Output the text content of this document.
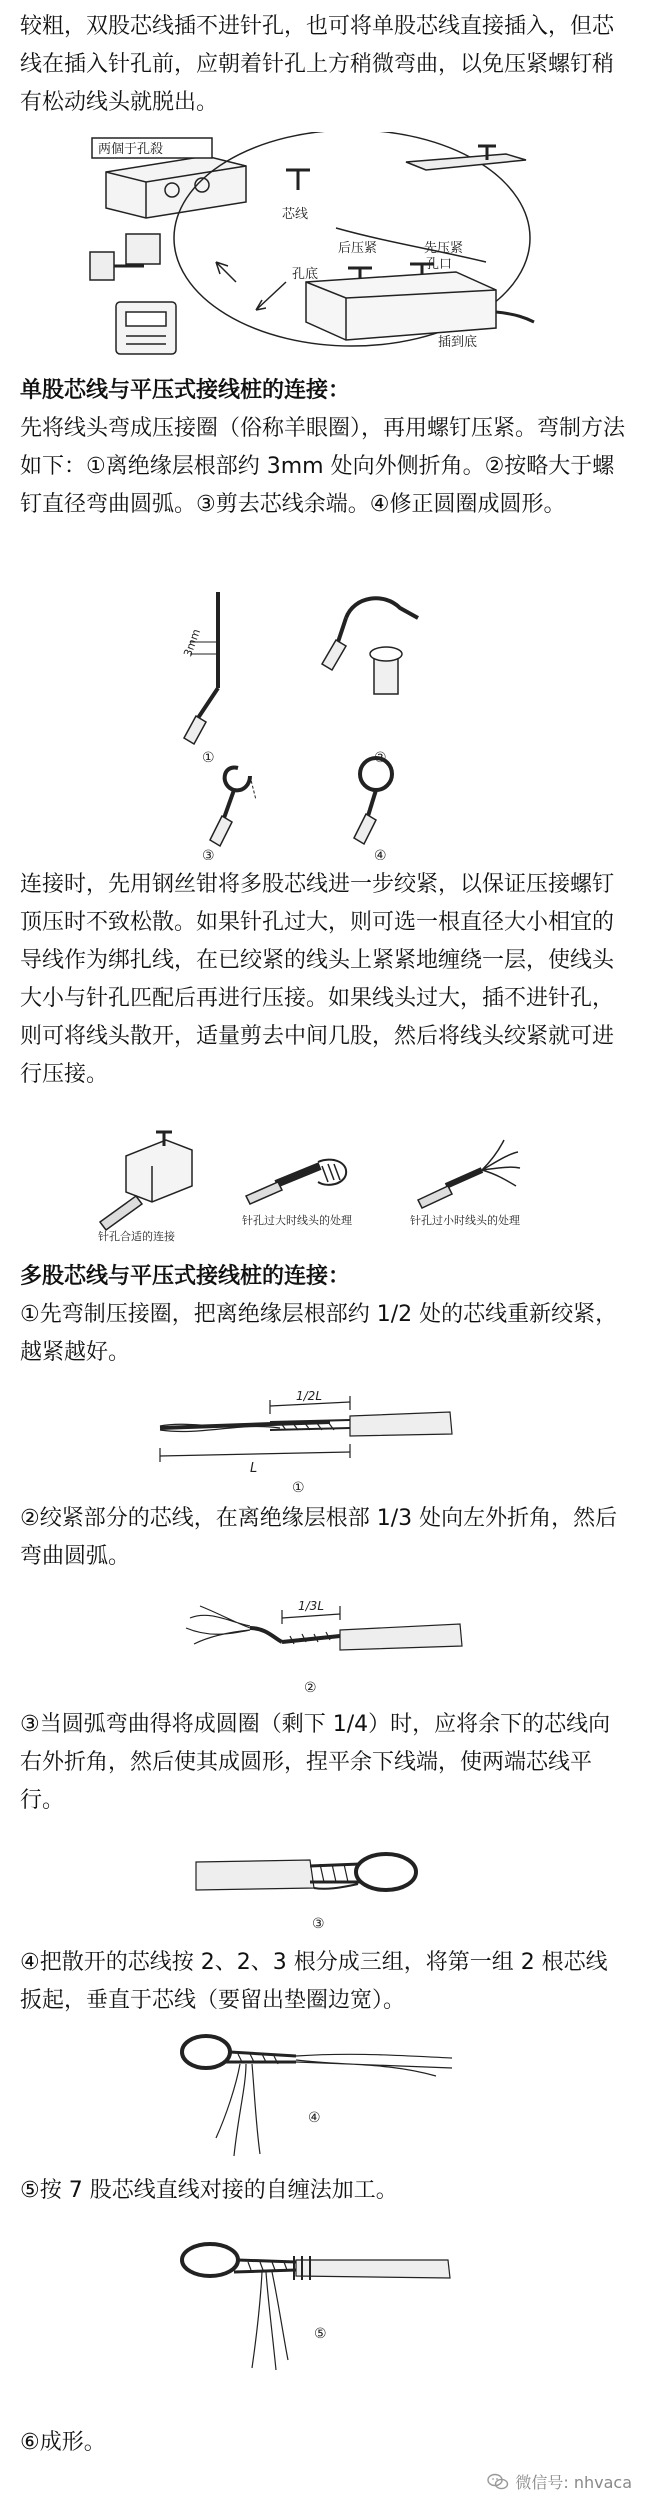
较粗，双股芯线插不进针孔，也可将单股芯线直接插入，但芯线在插入针孔前，应朝着针孔上方稍微弯曲，以免压紧螺钉稍有松动线头就脱出。

两個于孔殺
芯线
后压紧
孔底
先压紧
孔口
插到底

单股芯线与平压式接线桩的连接：

先将线头弯成压接圈（俗称羊眼圈），再用螺钉压紧。弯制方法如下：①离绝缘层根部约 3mm 处向外侧折角。②按略大于螺钉直径弯曲圆弧。③剪去芯线余端。④修正圆圈成圆形。

3mm
①	②
③	④

连接时，先用钢丝钳将多股芯线进一步绞紧，以保证压接螺钉顶压时不致松散。如果针孔过大，则可选一根直径大小相宜的导线作为绑扎线，在已绞紧的线头上紧紧地缠绕一层，使线头大小与针孔匹配后再进行压接。如果线头过大，插不进针孔，则可将线头散开，适量剪去中间几股，然后将线头绞紧就可进行压接。

针孔合适的连接
针孔过大时线头的处理	针孔过小时线头的处理

多股芯线与平压式接线桩的连接：

①先弯制压接圈，把离绝缘层根部约 1/2 处的芯线重新绞紧，越紧越好。

1/2L
L
①

②绞紧部分的芯线，在离绝缘层根部 1/3 处向左外折角，然后弯曲圆弧。

1/3L
②

③当圆弧弯曲得将成圆圈（剩下 1/4）时，应将余下的芯线向右外折角，然后使其成圆形，捏平余下线端，使两端芯线平行。

③

④把散开的芯线按 2、2、3 根分成三组，将第一组 2 根芯线扳起，垂直于芯线（要留出垫圈边宽）。

④

⑤按 7 股芯线直线对接的自缠法加工。

⑤

⑥成形。

微信号: nhvaca
